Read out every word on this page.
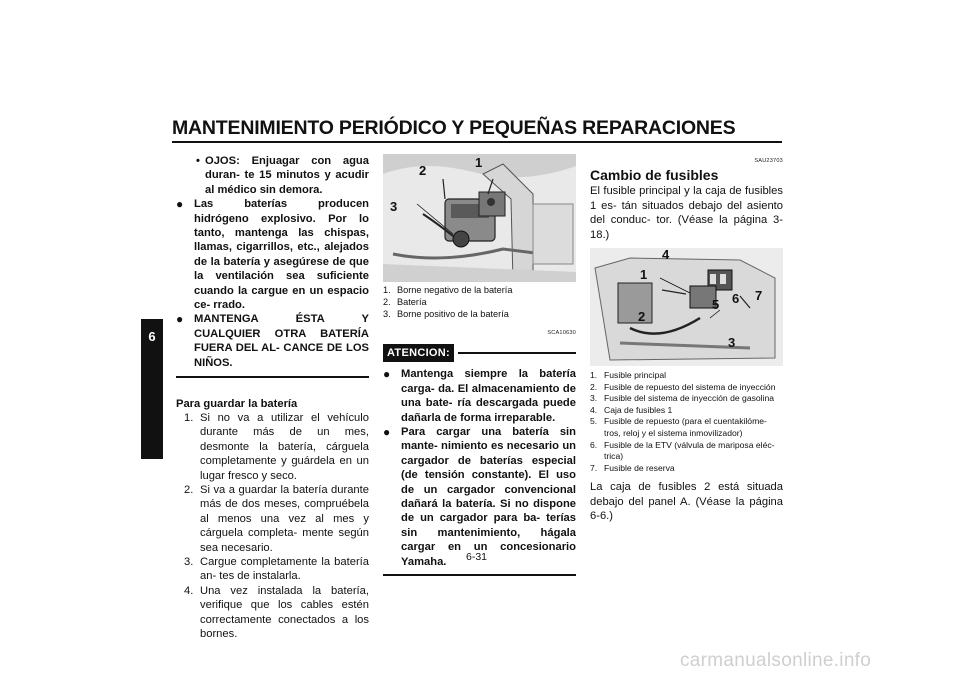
MANTENIMIENTO PERIÓDICO Y PEQUEÑAS REPARACIONES
6
• OJOS: Enjuagar con agua duran- te 15 minutos y acudir al médico sin demora.
● Las baterías producen hidrógeno explosivo. Por lo tanto, mantenga las chispas, llamas, cigarrillos, etc., alejados de la batería y asegúrese de que la ventilación sea suficiente cuando la cargue en un espacio ce- rrado.
● MANTENGA ÉSTA Y CUALQUIER OTRA BATERÍA FUERA DEL AL- CANCE DE LOS NIÑOS.
Para guardar la batería
1. Si no va a utilizar el vehículo durante más de un mes, desmonte la batería, cárguela completamente y guárdela en un lugar fresco y seco.
2. Si va a guardar la batería durante más de dos meses, compruébela al menos una vez al mes y cárguela completa- mente según sea necesario.
3. Cargue completamente la batería an- tes de instalarla.
4. Una vez instalada la batería, verifique que los cables estén correctamente conectados a los bornes.
1
2
3
1. Borne negativo de la batería
2. Batería
3. Borne positivo de la batería
SCA10630
ATENCION:
● Mantenga siempre la batería carga- da. El almacenamiento de una bate- ría descargada puede dañarla de forma irreparable.
● Para cargar una batería sin mante- nimiento es necesario un cargador de baterías especial (de tensión constante). El uso de un cargador convencional dañará la batería. Si no dispone de un cargador para ba- terías sin mantenimiento, hágala cargar en un concesionario Yamaha.
SAU23703
Cambio de fusibles
El fusible principal y la caja de fusibles 1 es- tán situados debajo del asiento del conduc- tor. (Véase la página 3-18.)
1
2
3
4
5 6 7
1. Fusible principal
2. Fusible de repuesto del sistema de inyección
3. Fusible del sistema de inyección de gasolina
4. Caja de fusibles 1
5. Fusible de repuesto (para el cuentakilóme- tros, reloj y el sistema inmovilizador)
6. Fusible de la ETV (válvula de mariposa eléc- trica)
7. Fusible de reserva
La caja de fusibles 2 está situada debajo del panel A. (Véase la página 6-6.)
6-31
carmanualsonline.info
